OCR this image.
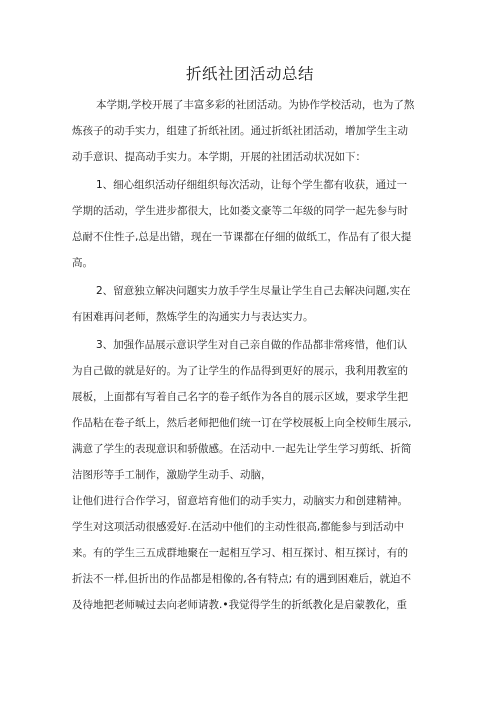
折纸社团活动总结
本学期,学校开展了丰富多彩的社团活动。为协作学校活动，也为了熬
炼孩子的动手实力，组建了折纸社团。通过折纸社团活动，增加学生主动
动手意识、提高动手实力。本学期，开展的社团活动状况如下：
1、细心组织活动仔细组织每次活动，让每个学生都有收获，通过一
学期的活动，学生进步都很大，比如娄文豪等二年级的同学一起先参与时
总耐不住性子,总是出错，现在一节课都在仔细的做纸工，作品有了很大提
高。
2、留意独立解决问题实力放手学生尽量让学生自己去解决问题,实在
有困难再问老师，熬炼学生的沟通实力与表达实力。
3、加强作品展示意识学生对自己亲自做的作品都非常疼惜，他们认
为自己做的就是好的。为了让学生的作品得到更好的展示，我利用教室的
展板，上面都有写着自己名字的卷子纸作为各自的展示区域，要求学生把
作品粘在卷子纸上，然后老师把他们统一订在学校展板上向全校师生展示,
满意了学生的表现意识和骄傲感。在活动中.一起先让学生学习剪纸、折简
洁图形等手工制作，激励学生动手、动脑，
让他们进行合作学习，留意培育他们的动手实力，动脑实力和创建精神。
学生对这项活动很感爱好.在活动中他们的主动性很高,都能参与到活动中
来。有的学生三五成群地聚在一起相互学习、相互探讨、相互探讨，有的
折法不一样,但折出的作品都是相像的,各有特点; 有的遇到困难后，就迫不
及待地把老师喊过去向老师请教.•我觉得学生的折纸教化是启蒙教化，重
